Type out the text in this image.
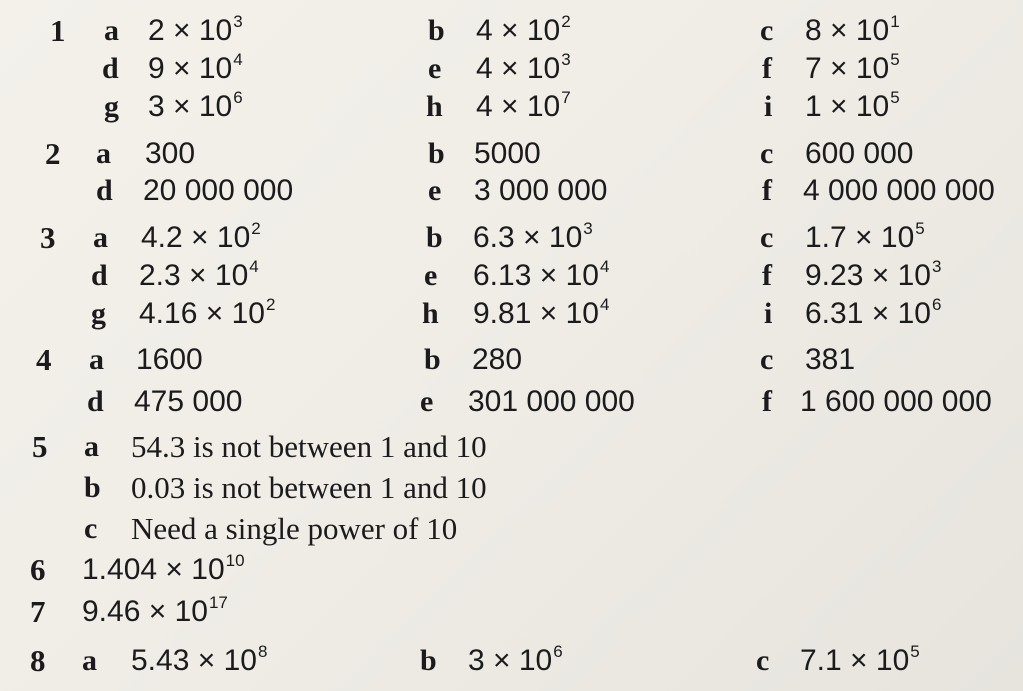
1 a $2 \times 10^3$	b $4 \times 10^2$	c $8 \times 10^1$
d $9 \times 10^4$	e $4 \times 10^3$	f $7 \times 10^5$
g $3 \times 10^6$	h $4 \times 10^7$	i $1 \times 10^5$
2 a 300	b 5000	c 600 000
d 20 000 000	e 3 000 000	f 4 000 000 000
3 a $4.2 \times 10^2$	b $6.3 \times 10^3$	c $1.7 \times 10^5$
d $2.3 \times 10^4$	e $6.13 \times 10^4$	f $9.23 \times 10^3$
g $4.16 \times 10^2$	h $9.81 \times 10^4$	i $6.31 \times 10^6$
4 a 1600	b 280	c 381
d 475 000	e 301 000 000	f 1 600 000 000
5 a 54.3 is not between 1 and 10
b 0.03 is not between 1 and 10
c Need a single power of 10
6 $1.404 \times 10^{10}$
7 $9.46 \times 10^{17}$
8 a $5.43 \times 10^8$	b $3 \times 10^6$	c $7.1 \times 10^5$
